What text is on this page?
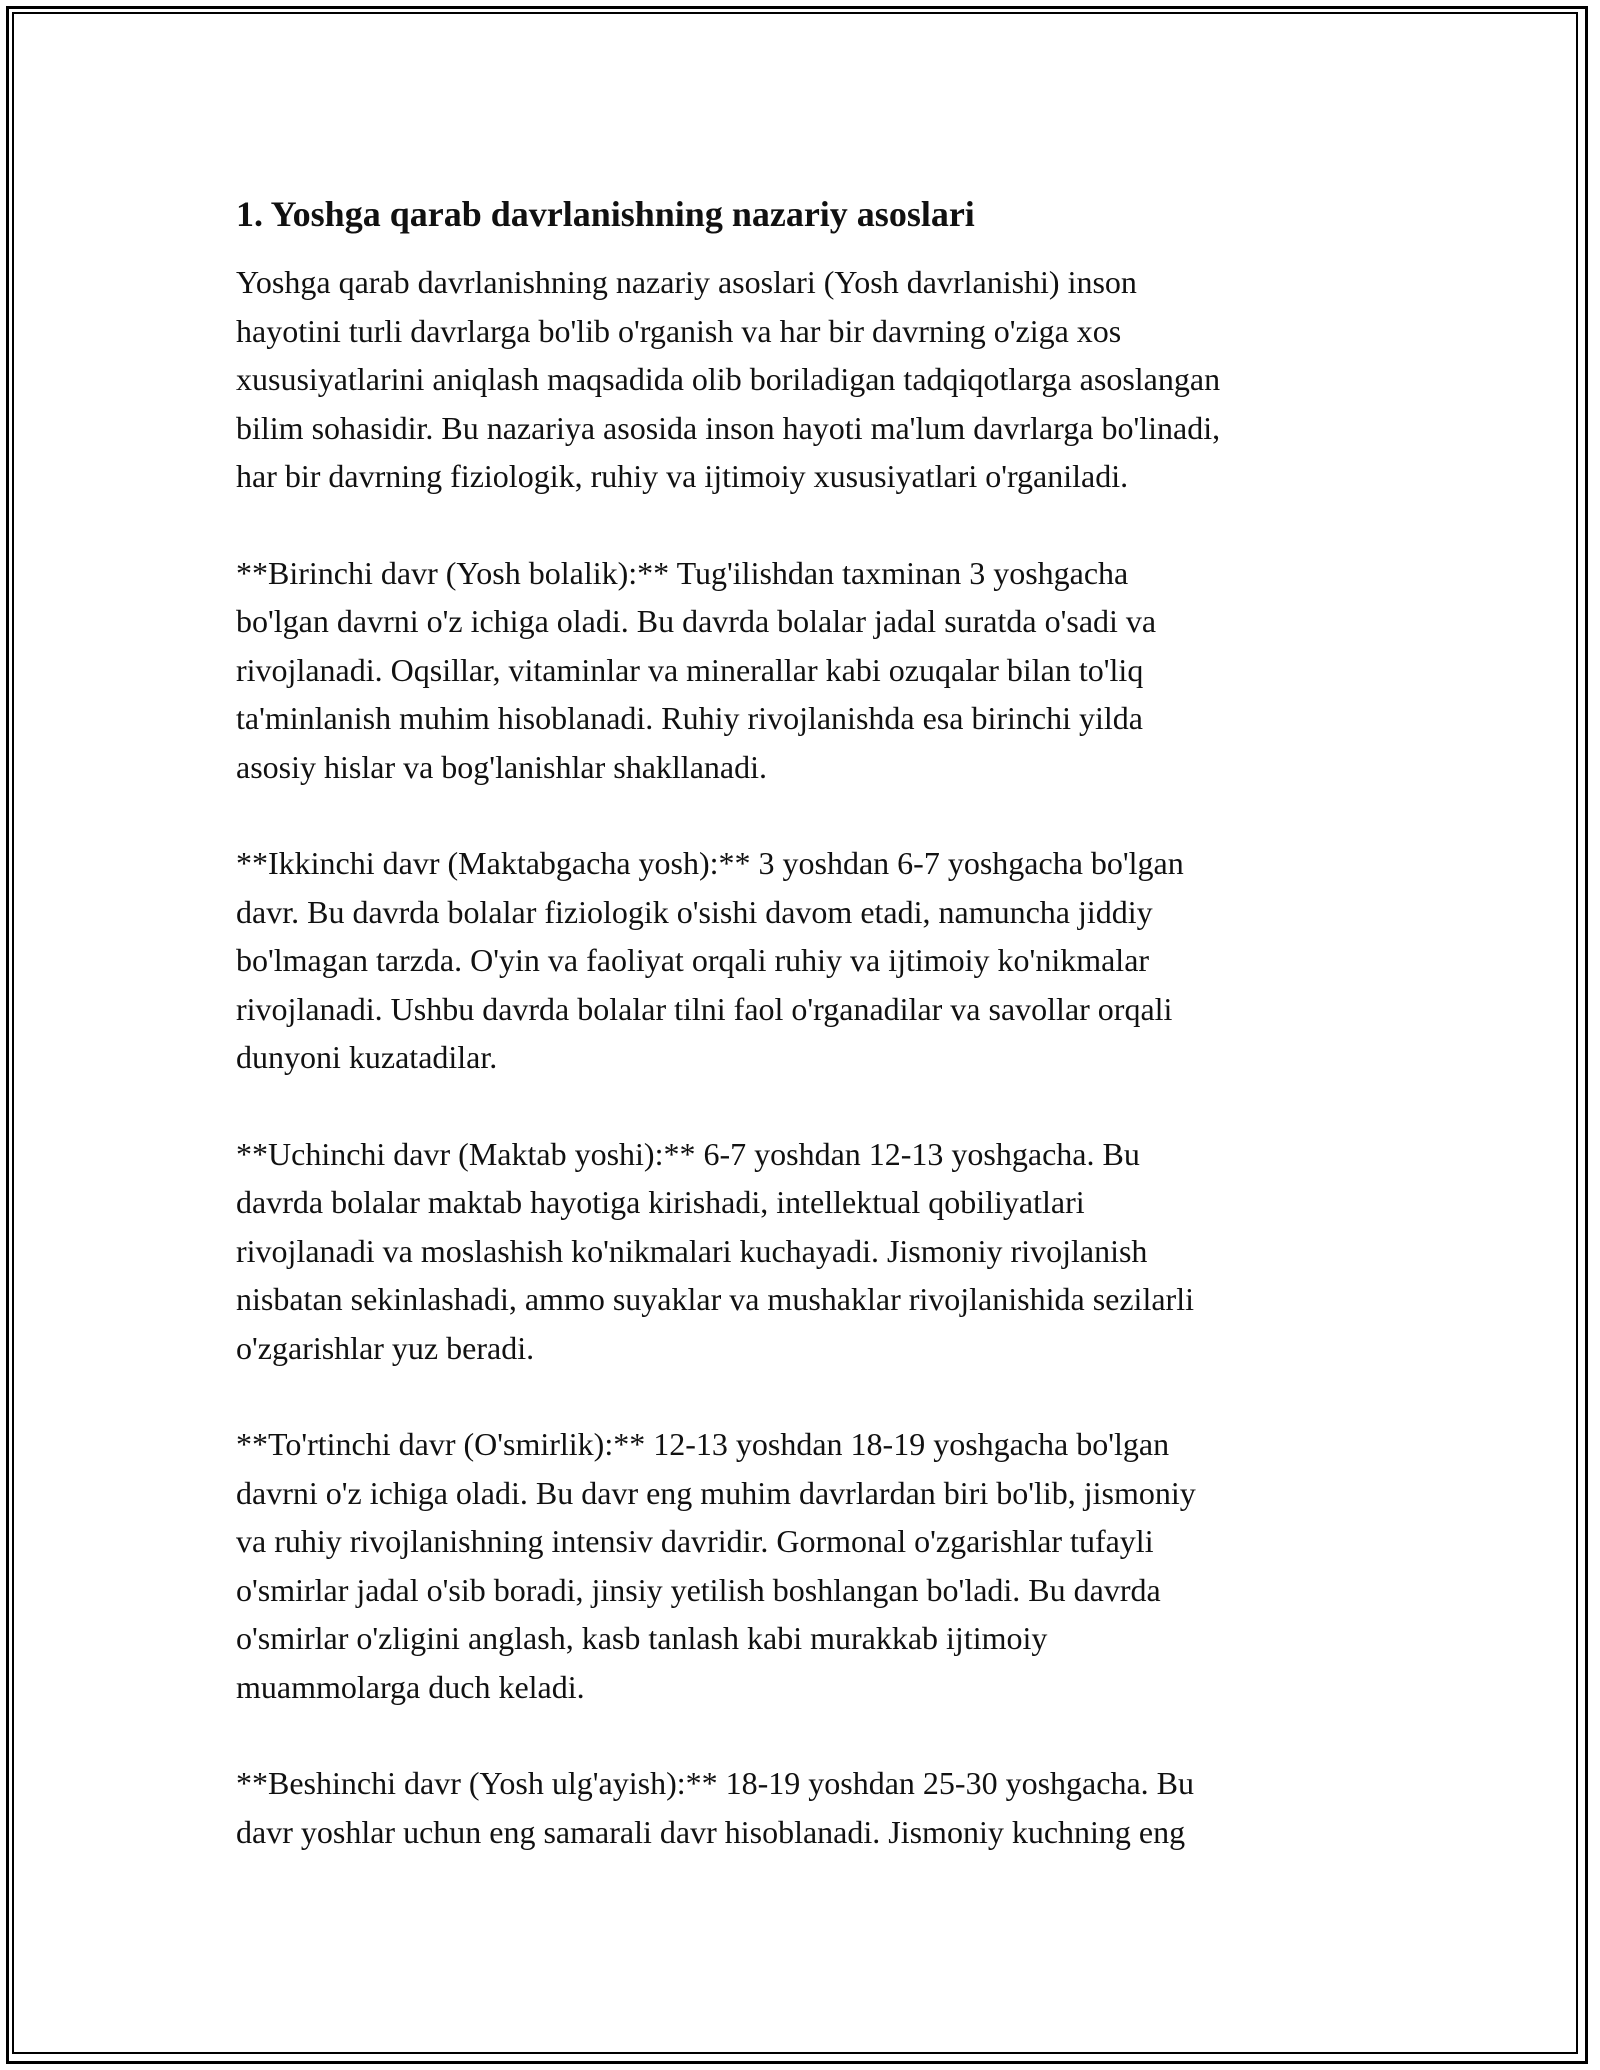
1. Yoshga qarab davrlanishning nazariy asoslari

Yoshga qarab davrlanishning nazariy asoslari (Yosh davrlanishi) inson
hayotini turli davrlarga bo'lib o'rganish va har bir davrning o'ziga xos
xususiyatlarini aniqlash maqsadida olib boriladigan tadqiqotlarga asoslangan
bilim sohasidir. Bu nazariya asosida inson hayoti ma'lum davrlarga bo'linadi,
har bir davrning fiziologik, ruhiy va ijtimoiy xususiyatlari o'rganiladi.

**Birinchi davr (Yosh bolalik):** Tug'ilishdan taxminan 3 yoshgacha
bo'lgan davrni o'z ichiga oladi. Bu davrda bolalar jadal suratda o'sadi va
rivojlanadi. Oqsillar, vitaminlar va minerallar kabi ozuqalar bilan to'liq
ta'minlanish muhim hisoblanadi. Ruhiy rivojlanishda esa birinchi yilda
asosiy hislar va bog'lanishlar shakllanadi.

**Ikkinchi davr (Maktabgacha yosh):** 3 yoshdan 6-7 yoshgacha bo'lgan
davr. Bu davrda bolalar fiziologik o'sishi davom etadi, namuncha jiddiy
bo'lmagan tarzda. O'yin va faoliyat orqali ruhiy va ijtimoiy ko'nikmalar
rivojlanadi. Ushbu davrda bolalar tilni faol o'rganadilar va savollar orqali
dunyoni kuzatadilar.

**Uchinchi davr (Maktab yoshi):** 6-7 yoshdan 12-13 yoshgacha. Bu
davrda bolalar maktab hayotiga kirishadi, intellektual qobiliyatlari
rivojlanadi va moslashish ko'nikmalari kuchayadi. Jismoniy rivojlanish
nisbatan sekinlashadi, ammo suyaklar va mushaklar rivojlanishida sezilarli
o'zgarishlar yuz beradi.

**To'rtinchi davr (O'smirlik):** 12-13 yoshdan 18-19 yoshgacha bo'lgan
davrni o'z ichiga oladi. Bu davr eng muhim davrlardan biri bo'lib, jismoniy
va ruhiy rivojlanishning intensiv davridir. Gormonal o'zgarishlar tufayli
o'smirlar jadal o'sib boradi, jinsiy yetilish boshlangan bo'ladi. Bu davrda
o'smirlar o'zligini anglash, kasb tanlash kabi murakkab ijtimoiy
muammolarga duch keladi.

**Beshinchi davr (Yosh ulg'ayish):** 18-19 yoshdan 25-30 yoshgacha. Bu
davr yoshlar uchun eng samarali davr hisoblanadi. Jismoniy kuchning eng
